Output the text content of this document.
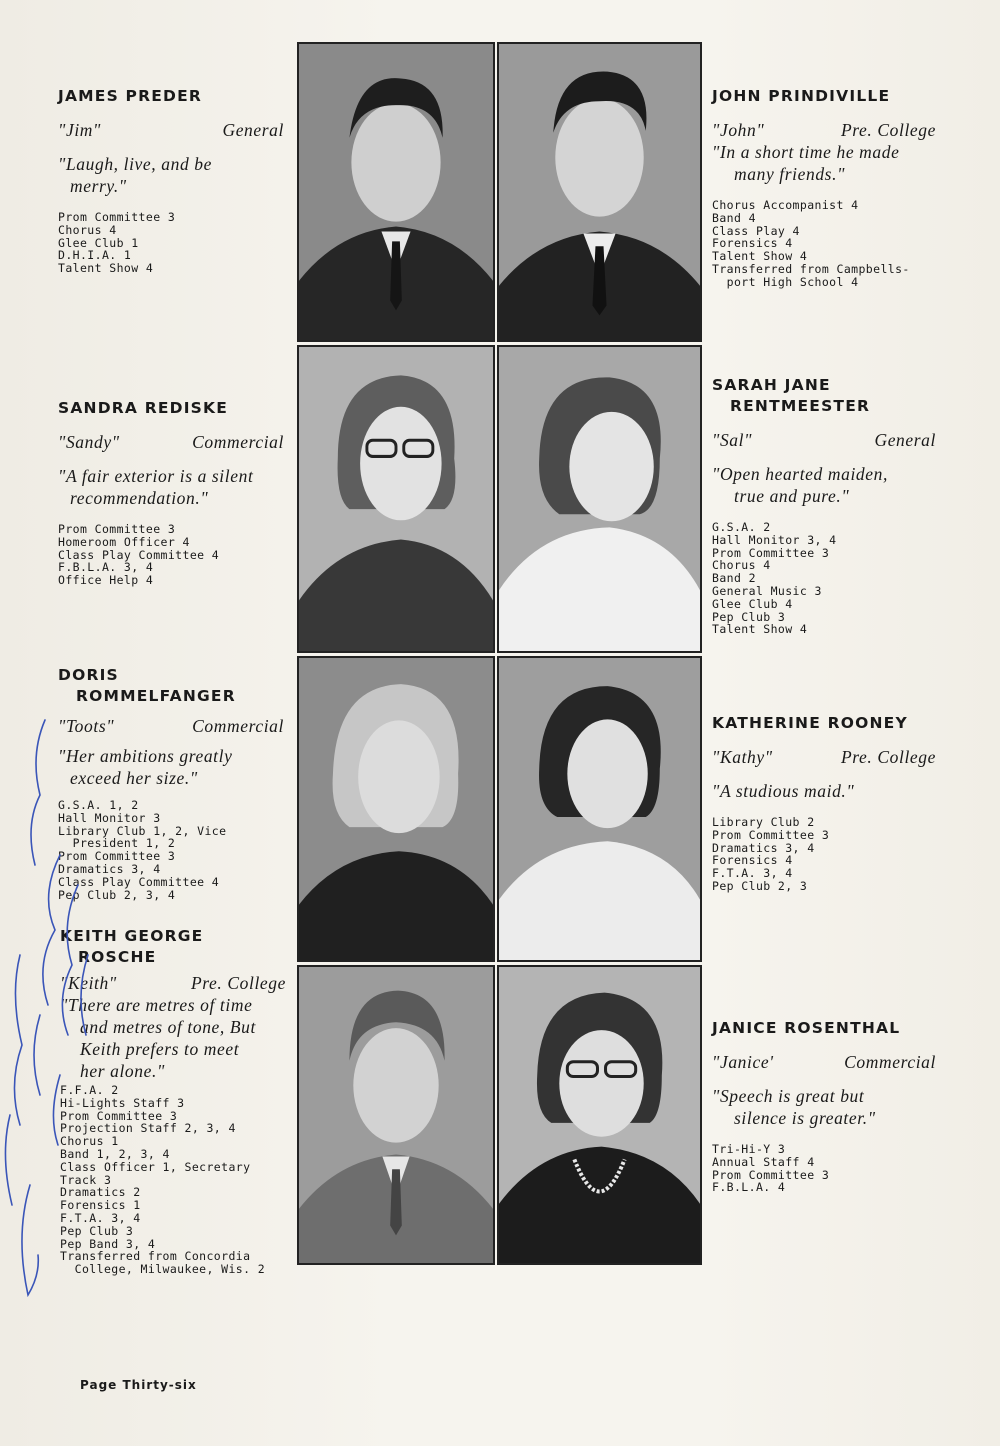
JAMES PREDER
"Jim"	General
"Laugh, live, and be
merry."
Prom Committee 3
Chorus 4
Glee Club 1
D.H.I.A. 1
Talent Show 4
JOHN PRINDIVILLE
"John"	Pre. College
"In a short time he made
many friends."
Chorus Accompanist 4
Band 4
Class Play 4
Forensics 4
Talent Show 4
Transferred from Campbells-
port High School 4
SANDRA REDISKE
"Sandy"	Commercial
"A fair exterior is a silent
recommendation."
Prom Committee 3
Homeroom Officer 4
Class Play Committee 4
F.B.L.A. 3, 4
Office Help 4
SARAH JANE
RENTMEESTER
"Sal"	General
"Open hearted maiden,
true and pure."
G.S.A. 2
Hall Monitor 3, 4
Prom Committee 3
Chorus 4
Band 2
General Music 3
Glee Club 4
Pep Club 3
Talent Show 4
DORIS
ROMMELFANGER
"Toots"	Commercial
"Her ambitions greatly
exceed her size."
G.S.A. 1, 2
Hall Monitor 3
Library Club 1, 2, Vice
President 1, 2
Prom Committee 3
Dramatics 3, 4
Class Play Committee 4
Pep Club 2, 3, 4
KATHERINE ROONEY
"Kathy"	Pre. College
"A studious maid."
Library Club 2
Prom Committee 3
Dramatics 3, 4
Forensics 4
F.T.A. 3, 4
Pep Club 2, 3
KEITH GEORGE
ROSCHE
"Keith"	Pre. College
"There are metres of time
and metres of tone, But
Keith prefers to meet
her alone."
F.F.A. 2
Hi-Lights Staff 3
Prom Committee 3
Projection Staff 2, 3, 4
Chorus 1
Band 1, 2, 3, 4
Class Officer 1, Secretary
Track 3
Dramatics 2
Forensics 1
F.T.A. 3, 4
Pep Club 3
Pep Band 3, 4
Transferred from Concordia
College, Milwaukee, Wis. 2
JANICE ROSENTHAL
"Janice'	Commercial
"Speech is great but
silence is greater."
Tri-Hi-Y 3
Annual Staff 4
Prom Committee 3
F.B.L.A. 4
Page Thirty-six
